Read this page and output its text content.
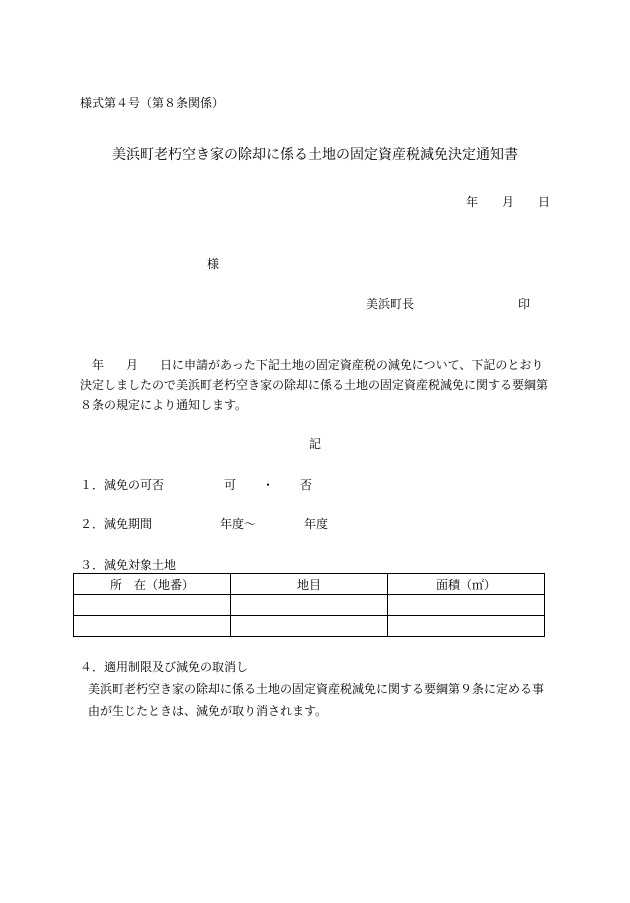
様式第４号（第８条関係）
美浜町老朽空き家の除却に係る土地の固定資産税減免決定通知書
年 月 日
様
美浜町長	印
年 月 日に申請があった下記土地の固定資産税の減免について、下記のとおり決定しましたので美浜町老朽空き家の除却に係る土地の固定資産税減免に関する要綱第８条の規定により通知します。
記
１．減免の可否	可 ・ 否
２．減免期間	年度～	年度
３．減免対象土地
所　在（地番）	地目	面積（㎡）

４．適用制限及び減免の取消し
美浜町老朽空き家の除却に係る土地の固定資産税減免に関する要綱第９条に定める事由が生じたときは、減免が取り消されます。
